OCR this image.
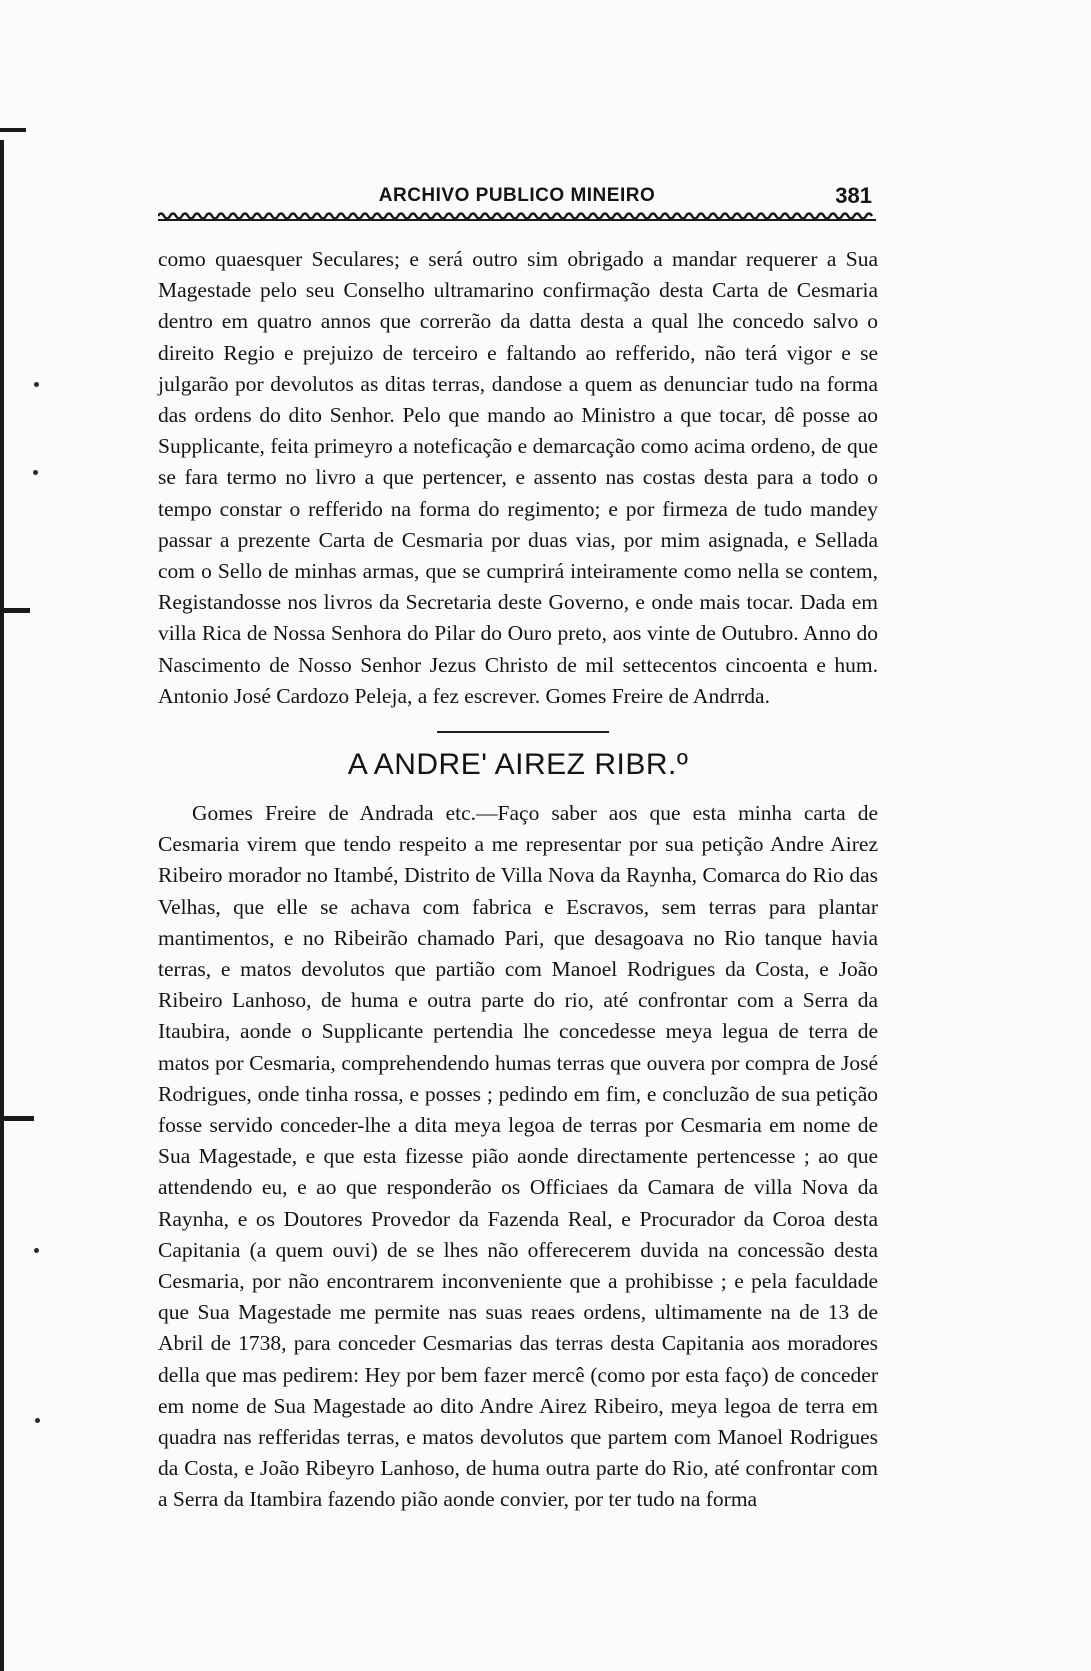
ARCHIVO PUBLICO MINEIRO	381

como quaesquer Seculares; e será outro sim obrigado a mandar requerer a Sua Magestade pelo seu Conselho ultramarino confirmação desta Carta de Cesmaria dentro em quatro annos que correrão da datta desta a qual lhe concedo salvo o direito Regio e prejuizo de terceiro e faltando ao refferido, não terá vigor e se julgarão por devolutos as ditas terras, dandose a quem as denunciar tudo na forma das ordens do dito Senhor. Pelo que mando ao Ministro a que tocar, dê posse ao Supplicante, feita primeyro a noteficação e demarcação como acima ordeno, de que se fara termo no livro a que pertencer, e assento nas costas desta para a todo o tempo constar o refferido na forma do regimento; e por firmeza de tudo mandey passar a prezente Carta de Cesmaria por duas vias, por mim asignada, e Sellada com o Sello de minhas armas, que se cumprirá inteiramente como nella se contem, Registandosse nos livros da Secretaria deste Governo, e onde mais tocar. Dada em villa Rica de Nossa Senhora do Pilar do Ouro preto, aos vinte de Outubro. Anno do Nascimento de Nosso Senhor Jezus Christo de mil settecentos cincoenta e hum. Antonio José Cardozo Peleja, a fez escrever. Gomes Freire de Andrrda.

A ANDRE' AIREZ RIBR.º

Gomes Freire de Andrada etc.—Faço saber aos que esta minha carta de Cesmaria virem que tendo respeito a me representar por sua petição Andre Airez Ribeiro morador no Itambé, Distrito de Villa Nova da Raynha, Comarca do Rio das Velhas, que elle se achava com fabrica e Escravos, sem terras para plantar mantimentos, e no Ribeirão chamado Pari, que desagoava no Rio tanque havia terras, e matos devolutos que partião com Manoel Rodrigues da Costa, e João Ribeiro Lanhoso, de huma e outra parte do rio, até confrontar com a Serra da Itaubira, aonde o Supplicante pertendia lhe concedesse meya legua de terra de matos por Cesmaria, comprehendendo humas terras que ouvera por compra de José Rodrigues, onde tinha rossa, e posses ; pedindo em fim, e concluzão de sua petição fosse servido conceder-lhe a dita meya legoa de terras por Cesmaria em nome de Sua Magestade, e que esta fizesse pião aonde directamente pertencesse ; ao que attendendo eu, e ao que responderão os Officiaes da Camara de villa Nova da Raynha, e os Doutores Provedor da Fazenda Real, e Procurador da Coroa desta Capitania (a quem ouvi) de se lhes não offerecerem duvida na concessão desta Cesmaria, por não encontrarem inconveniente que a prohibisse ; e pela faculdade que Sua Magestade me permite nas suas reaes ordens, ultimamente na de 13 de Abril de 1738, para conceder Cesmarias das terras desta Capitania aos moradores della que mas pedirem: Hey por bem fazer mercê (como por esta faço) de conceder em nome de Sua Magestade ao dito Andre Airez Ribeiro, meya legoa de terra em quadra nas refferidas terras, e matos devolutos que partem com Manoel Rodrigues da Costa, e João Ribeyro Lanhoso, de huma outra parte do Rio, até confrontar com a Serra da Itambira fazendo pião aonde convier, por ter tudo na forma
